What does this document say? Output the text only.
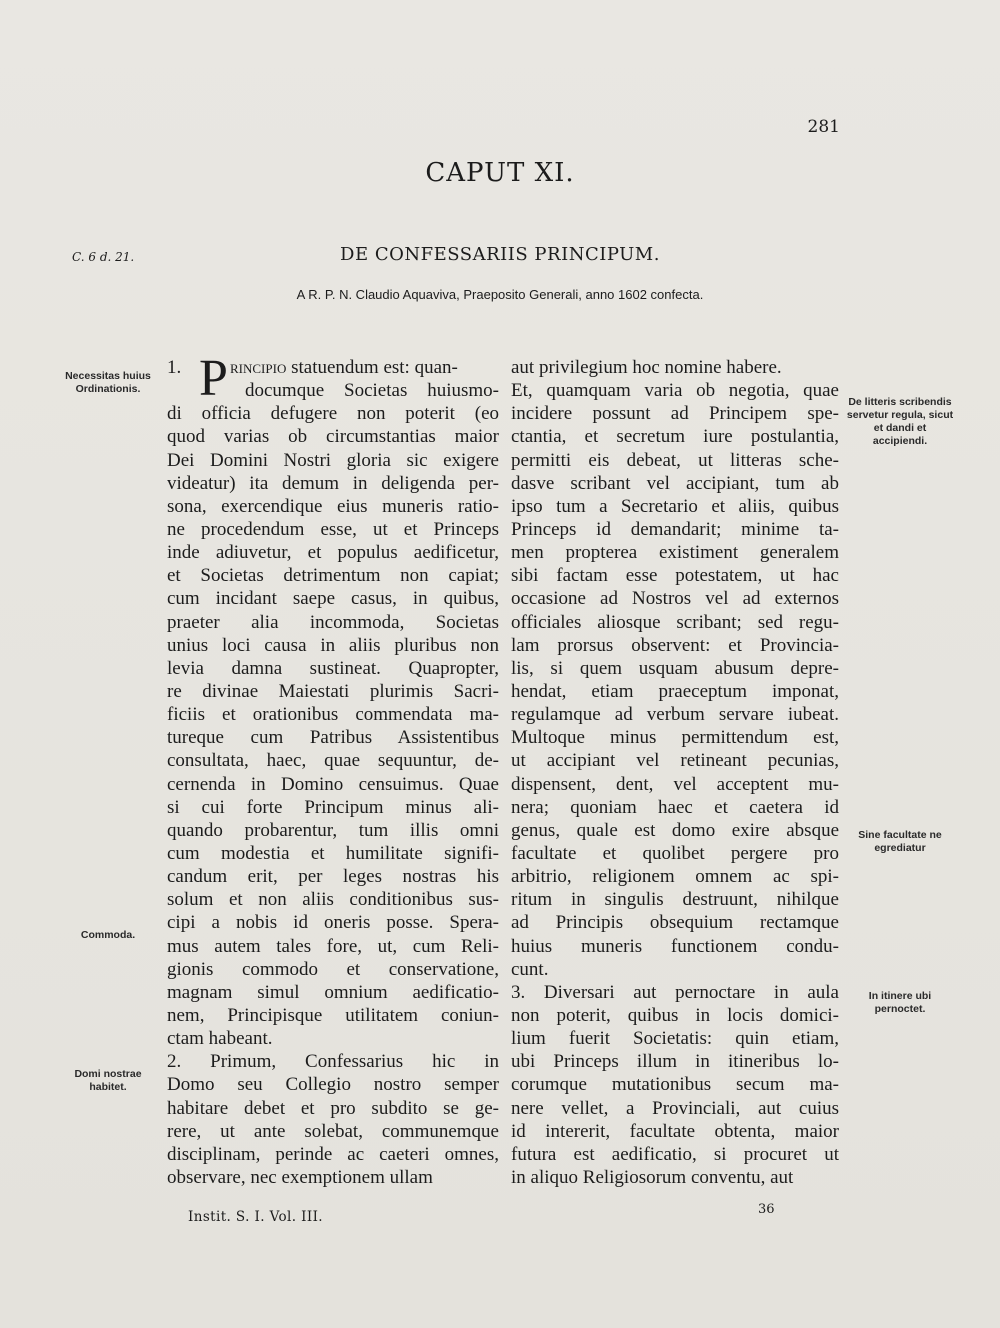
281
C. 6 d. 21.
CAPUT XI.
DE CONFESSARIIS PRINCIPUM.
A R. P. N. Claudio Aquaviva, Praeposito Generali, anno 1602 confecta.
Necessitas huius Ordinationis.
Commoda.
Domi nostrae habitet.
De litteris scribendis servetur regula, sicut et dandi et accipiendi.
Sine facultate ne egrediatur
In itinere ubi pernoctet.
1. P rincipio statuendum est: quan-
documque Societas huiusmo-
di officia defugere non poterit (eo
quod varias ob circumstantias maior
Dei Domini Nostri gloria sic exigere
videatur) ita demum in deligenda per-
sona, exercendique eius muneris ratio-
ne procedendum esse, ut et Princeps
inde adiuvetur, et populus aedificetur,
et Societas detrimentum non capiat;
cum incidant saepe casus, in quibus,
praeter alia incommoda, Societas
unius loci causa in aliis pluribus non
levia damna sustineat. Quapropter,
re divinae Maiestati plurimis Sacri-
ficiis et orationibus commendata ma-
tureque cum Patribus Assistentibus
consultata, haec, quae sequuntur, de-
cernenda in Domino censuimus. Quae
si cui forte Principum minus ali-
quando probarentur, tum illis omni
cum modestia et humilitate signifi-
candum erit, per leges nostras his
solum et non aliis conditionibus sus-
cipi a nobis id oneris posse. Spera-
mus autem tales fore, ut, cum Reli-
gionis commodo et conservatione,
magnam simul omnium aedificatio-
nem, Principisque utilitatem coniun-
ctam habeant.
2. Primum, Confessarius hic in
Domo seu Collegio nostro semper
habitare debet et pro subdito se ge-
rere, ut ante solebat, communemque
disciplinam, perinde ac caeteri omnes,
observare, nec exemptionem ullam
aut privilegium hoc nomine habere.
Et, quamquam varia ob negotia, quae
incidere possunt ad Principem spe-
ctantia, et secretum iure postulantia,
permitti eis debeat, ut litteras sche-
dasve scribant vel accipiant, tum ab
ipso tum a Secretario et aliis, quibus
Princeps id demandarit; minime ta-
men propterea existiment generalem
sibi factam esse potestatem, ut hac
occasione ad Nostros vel ad externos
officiales aliosque scribant; sed regu-
lam prorsus observent: et Provincia-
lis, si quem usquam abusum depre-
hendat, etiam praeceptum imponat,
regulamque ad verbum servare iubeat.
Multoque minus permittendum est,
ut accipiant vel retineant pecunias,
dispensent, dent, vel acceptent mu-
nera; quoniam haec et caetera id
genus, quale est domo exire absque
facultate et quolibet pergere pro
arbitrio, religionem omnem ac spi-
ritum in singulis destruunt, nihilque
ad Principis obsequium rectamque
huius muneris functionem condu-
cunt.
3. Diversari aut pernoctare in aula
non poterit, quibus in locis domici-
lium fuerit Societatis: quin etiam,
ubi Princeps illum in itineribus lo-
corumque mutationibus secum ma-
nere vellet, a Provinciali, aut cuius
id intererit, facultate obtenta, maior
futura est aedificatio, si procuret ut
in aliquo Religiosorum conventu, aut
Instit. S. I. Vol. III.	36
